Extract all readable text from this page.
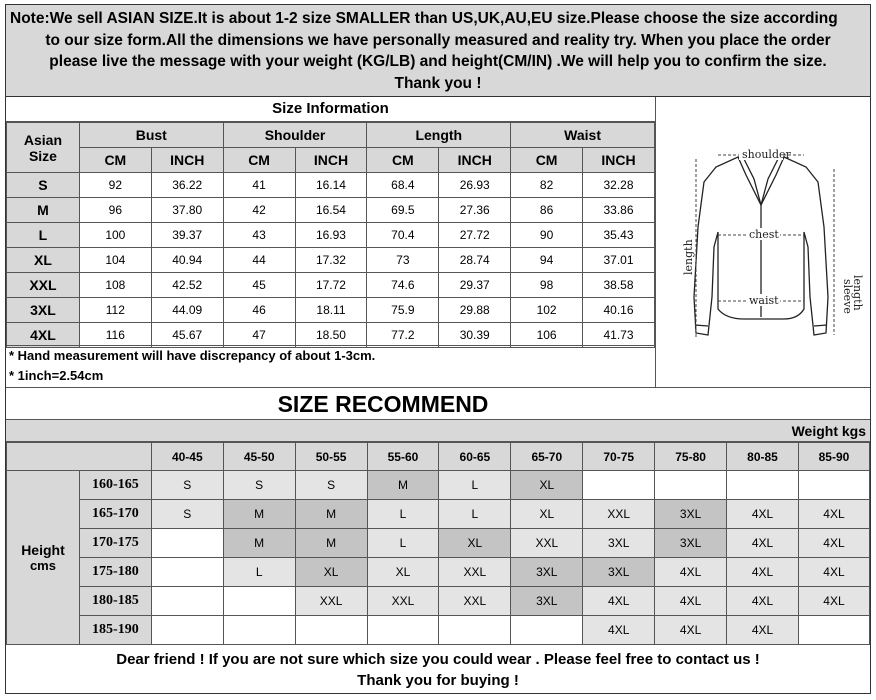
Note:We sell ASIAN SIZE.It is about 1-2 size SMALLER than US,UK,AU,EU size.Please choose the size according
to our size form.All the dimensions we have personally measured and reality try. When you place the order
please live the message with your weight (KG/LB) and height(CM/IN) .We will help you to confirm the size.
Thank you !
Size Information
Asian
Size	Bust		Shoulder		Length		Waist	
	CM	INCH	CM	INCH	CM	INCH	CM	INCH
S	92	36.22	41	16.14	68.4	26.93	82	32.28
M	96	37.80	42	16.54	69.5	27.36	86	33.86
L	100	39.37	43	16.93	70.4	27.72	90	35.43
XL	104	40.94	44	17.32	73	28.74	94	37.01
XXL	108	42.52	45	17.72	74.6	29.37	98	38.58
3XL	112	44.09	46	18.11	75.9	29.88	102	40.16
4XL	116	45.67	47	18.50	77.2	30.39	106	41.73
* Hand measurement will have discrepancy of about 1-3cm.
* 1inch=2.54cm
shoulder
chest
waist
length
sleeve
length
SIZE RECOMMEND
Weight kgs
		40-45	45-50	50-55	55-60	60-65	65-70	70-75	75-80	80-85	85-90

Height
cms	160-165	S	S	S	M	L	XL				
	165-170	S	M	M	L	L	XL	XXL	3XL	4XL	4XL
	170-175		M	M	L	XL	XXL	3XL	3XL	4XL	4XL
	175-180		L	XL	XL	XXL	3XL	3XL	4XL	4XL	4XL
	180-185			XXL	XXL	XXL	3XL	4XL	4XL	4XL	4XL
	185-190							4XL	4XL	4XL	
Dear friend ! If you are not sure which size you could wear . Please feel free to contact us !
Thank you for buying !
